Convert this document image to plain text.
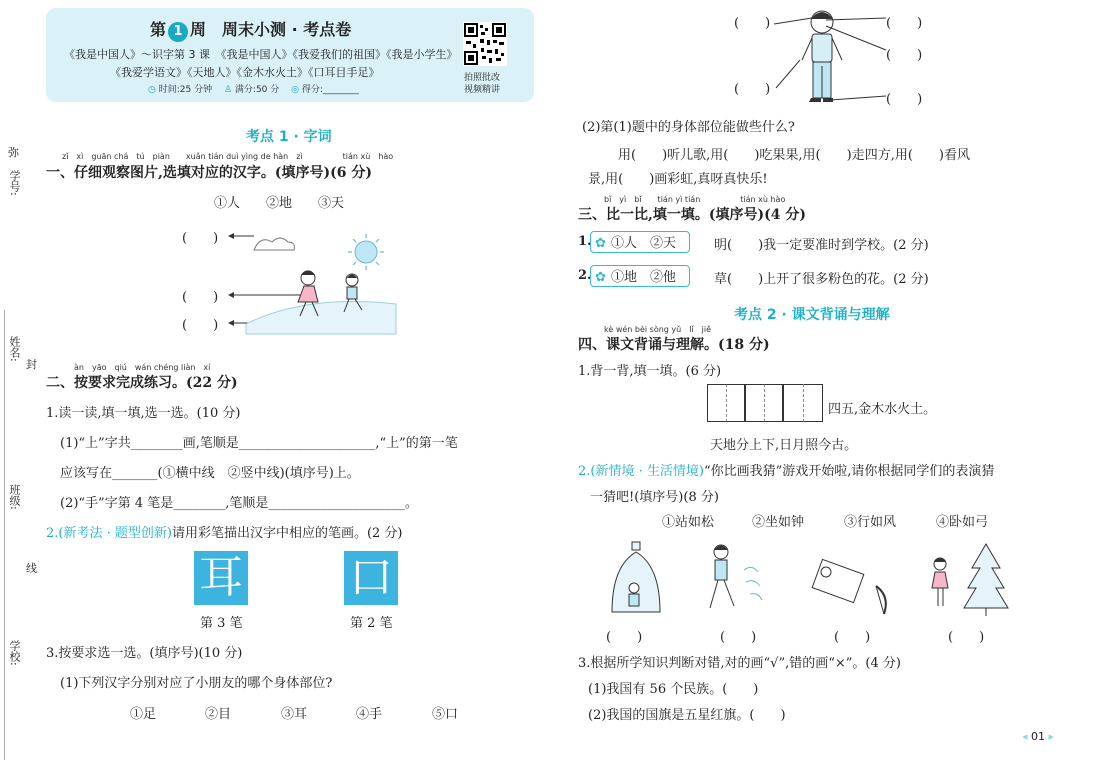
学号:
弥
姓名:
封
班级:
线
学校:
第 1 周　周末小测 · 考点卷
《我是中国人》～识字第 3 课　《我是中国人》《我爱我们的祖国》《我是小学生》
《我爱学语文》《天地人》《金木水火土》《口耳目手足》
◷ 时间:25 分钟　 ♙ 满分:50 分　 ◎ 得分:________
拍照批改
视频精讲
考点 1 · 字词
zǐ　xì　guān chá　tú　piàn　　xuǎn tián duì yìng de hàn　zì　　　　　tián xù　hào
一、仔细观察图片,选填对应的汉字。(填序号)(6 分)
①人　　②地　　③天
(　　)
(　　)
(　　)
àn　yāo　qiú　wán chéng liàn　xí
二、按要求完成练习。(22 分)
1.读一读,填一填,选一选。(10 分)
(1)“上”字共________画,笔顺是_____________________,“上”的第一笔
应该写在_______(①横中线　②竖中线)(填序号)上。
(2)“手”字第 4 笔是________,笔顺是_____________________。
2.(新考法 · 题型创新)请用彩笔描出汉字中相应的笔画。(2 分)
耳 口
第 3 笔	第 2 笔
3.按要求选一选。(填序号)(10 分)
(1)下列汉字分别对应了小朋友的哪个身体部位?
①足	②目	③耳	④手	⑤口
(　　)
(　　)
(　　)
(　　)
(　　)
(2)第(1)题中的身体部位能做些什么?
用(　　)听儿歌,用(　　)吃果果,用(　　)走四方,用(　　)看风
景,用(　　)画彩虹,真呀真快乐!
bǐ　yì　bǐ　　tián yì tián　　　　　tián xù hào
三、比一比,填一填。(填序号)(4 分)
1. ✿ ①人　②天	明(　　)我一定要准时到学校。(2 分)
2. ✿ ①地　②他	草(　　)上开了很多粉色的花。(2 分)
考点 2 · 课文背诵与理解
kè wén bèi sòng yǔ　lǐ　jiě
四、课文背诵与理解。(18 分)
1.背一背,填一填。(6 分)
四五,金木水火土。
天地分上下,日月照今古。
2.(新情境 · 生活情境)“你比画我猜”游戏开始啦,请你根据同学们的表演猜
一猜吧!(填序号)(8 分)
①站如松	②坐如钟	③行如风	④卧如弓
(　　)	(　　)	(　　)	(　　)
3.根据所学知识判断对错,对的画“√”,错的画“×”。(4 分)
(1)我国有 56 个民族。(　　)
(2)我国的国旗是五星红旗。(　　)
◂ 01 ▸
